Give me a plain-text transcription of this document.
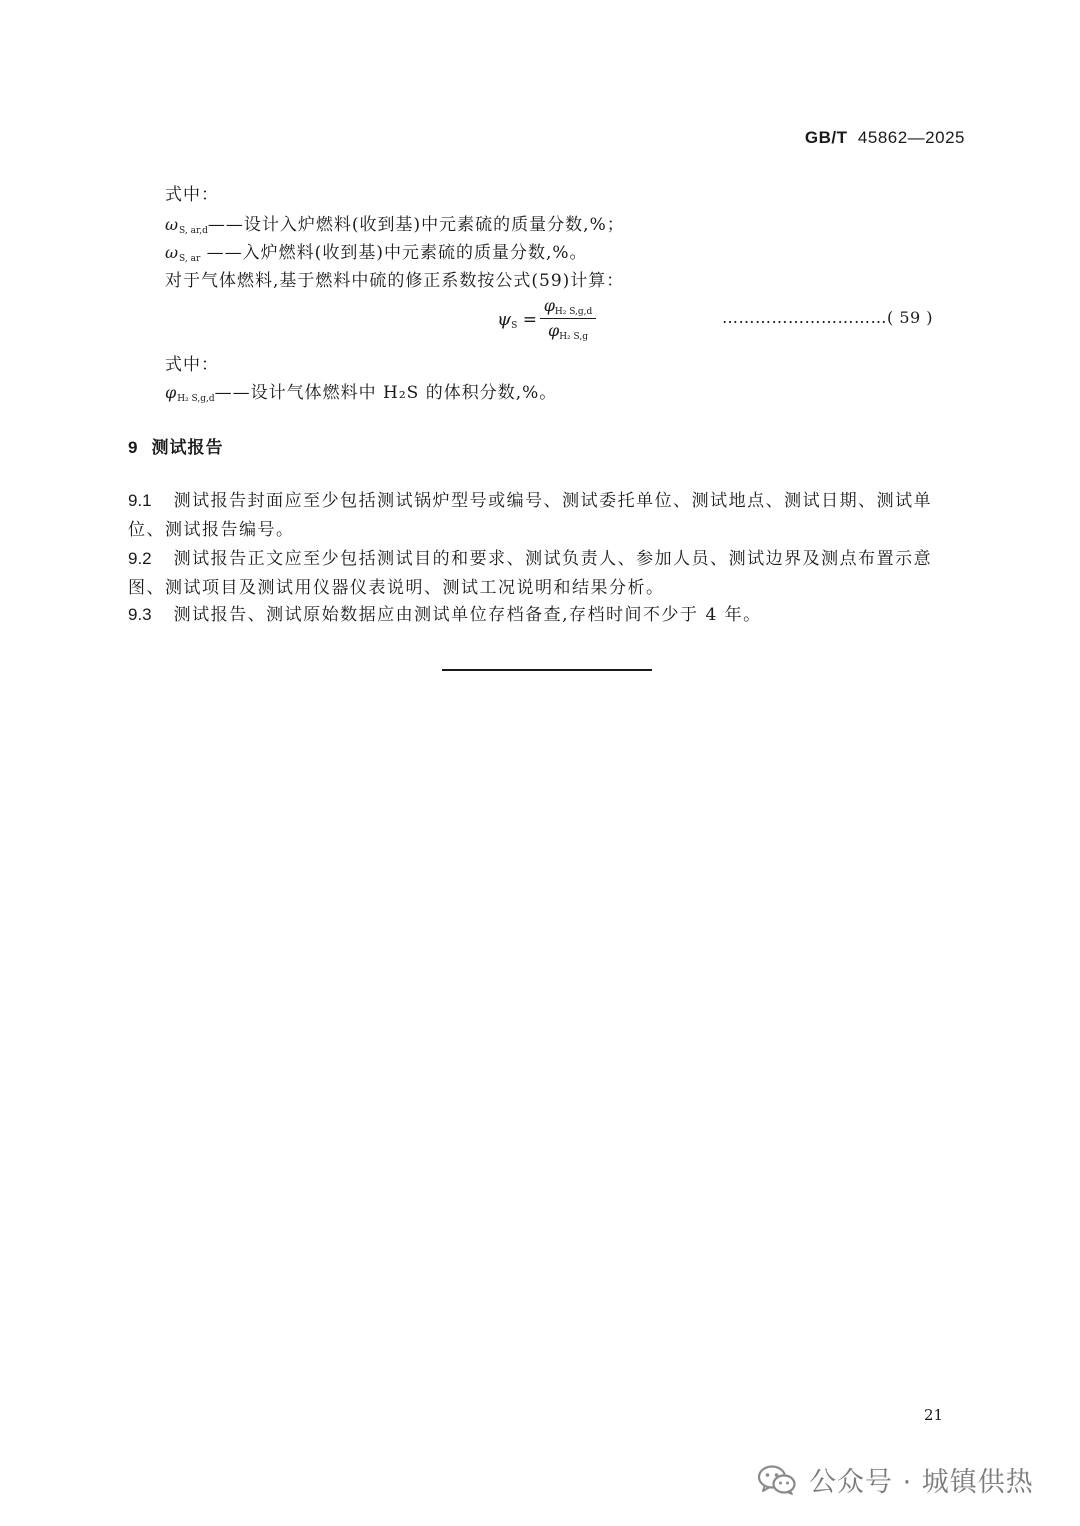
GB/T 45862—2025
式中：
$\omega_{S, ar,d}——$设计入炉燃料(收到基)中元素硫的质量分数,%；
$\omega_{S, ar}$ ——入炉燃料(收到基)中元素硫的质量分数,%。
对于气体燃料,基于燃料中硫的修正系数按公式(59)计算：
$\psi_S$ =
φH₂ S,g,d
φH₂ S,g
…………………………( 59 )
式中：
$\varphi_{H_2 S,g,d}——$设计气体燃料中 H₂S 的体积分数,%。
9 测试报告
9.1 测试报告封面应至少包括测试锅炉型号或编号、测试委托单位、测试地点、测试日期、测试单位、测试报告编号。
9.2 测试报告正文应至少包括测试目的和要求、测试负责人、参加人员、测试边界及测点布置示意图、测试项目及测试用仪器仪表说明、测试工况说明和结果分析。
9.3 测试报告、测试原始数据应由测试单位存档备查,存档时间不少于 4 年。
21
公众号 · 城镇供热
